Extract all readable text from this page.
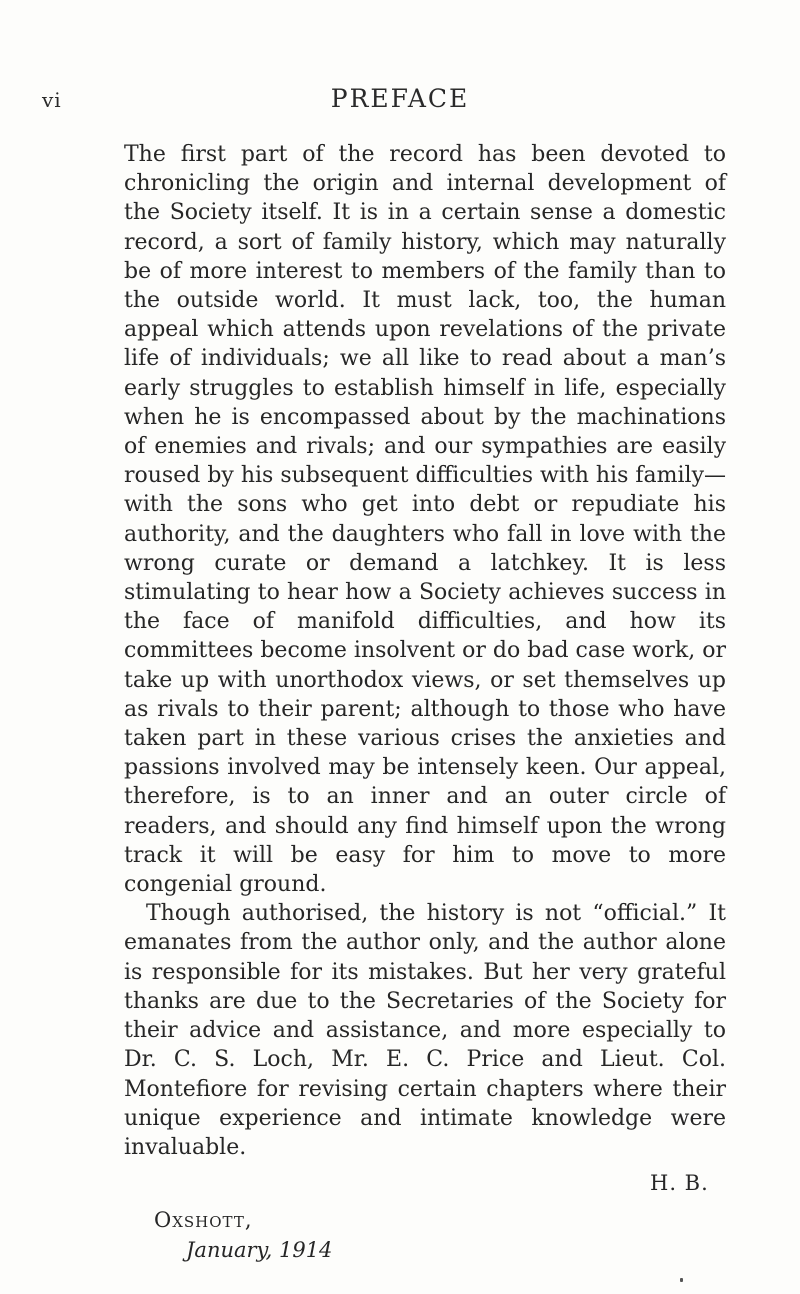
vi	PREFACE

The first part of the record has been devoted to chronicling the origin and internal development of the Society itself. It is in a certain sense a domestic record, a sort of family history, which may naturally be of more interest to members of the family than to the outside world. It must lack, too, the human appeal which attends upon revelations of the private life of individuals; we all like to read about a man’s early struggles to establish himself in life, especially when he is encompassed about by the machinations of enemies and rivals; and our sympathies are easily roused by his subsequent difficulties with his family—with the sons who get into debt or repudiate his authority, and the daughters who fall in love with the wrong curate or demand a latchkey. It is less stimulating to hear how a Society achieves success in the face of manifold difficulties, and how its committees become insolvent or do bad case work, or take up with unorthodox views, or set themselves up as rivals to their parent; although to those who have taken part in these various crises the anxieties and passions involved may be intensely keen. Our appeal, therefore, is to an inner and an outer circle of readers, and should any find himself upon the wrong track it will be easy for him to move to more congenial ground.

Though authorised, the history is not “official.” It emanates from the author only, and the author alone is responsible for its mistakes. But her very grateful thanks are due to the Secretaries of the Society for their advice and assistance, and more especially to Dr. C. S. Loch, Mr. E. C. Price and Lieut. Col. Montefiore for revising certain chapters where their unique experience and intimate knowledge were invaluable.

H. B.
Oxshott,
January, 1914
